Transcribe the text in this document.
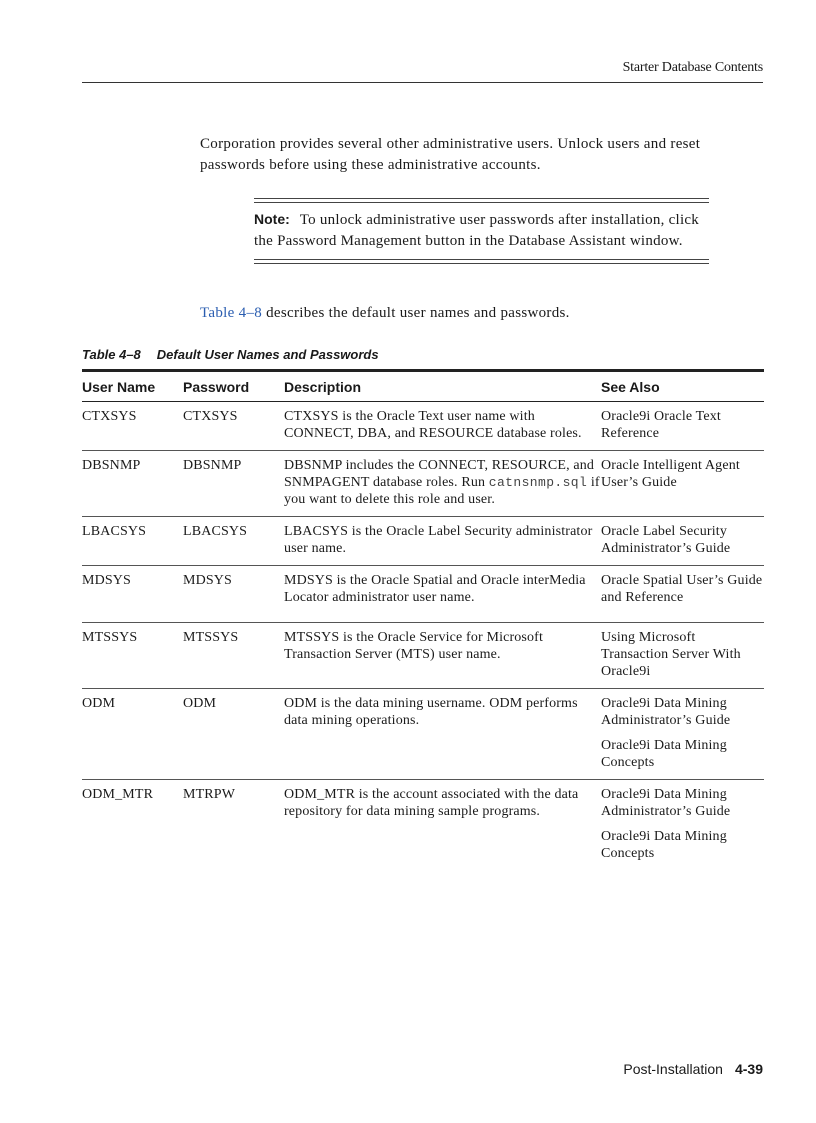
Starter Database Contents

Corporation provides several other administrative users. Unlock users and reset passwords before using these administrative accounts.

Note: To unlock administrative user passwords after installation, click the Password Management button in the Database Assistant window.

Table 4–8 describes the default user names and passwords.

Table 4–8 Default User Names and Passwords

User Name	Password	Description	See Also
CTXSYS	CTXSYS	CTXSYS is the Oracle Text user name with CONNECT, DBA, and RESOURCE database roles.	Oracle9i Oracle Text Reference

DBSNMP	DBSNMP	DBSNMP includes the CONNECT, RESOURCE, and SNMPAGENT database roles. Run catnsnmp.sql if you want to delete this role and user.	Oracle Intelligent Agent User’s Guide

LBACSYS	LBACSYS	LBACSYS is the Oracle Label Security administrator user name.	Oracle Label Security Administrator’s Guide

MDSYS	MDSYS	MDSYS is the Oracle Spatial and Oracle interMedia Locator administrator user name.	Oracle Spatial User’s Guide and Reference

MTSSYS	MTSSYS	MTSSYS is the Oracle Service for Microsoft Transaction Server (MTS) user name.	Using Microsoft Transaction Server With Oracle9i

ODM	ODM	ODM is the data mining username. ODM performs data mining operations.	Oracle9i Data Mining Administrator’s Guide
Oracle9i Data Mining Concepts

ODM_MTR	MTRPW	ODM_MTR is the account associated with the data repository for data mining sample programs.	Oracle9i Data Mining Administrator’s Guide
Oracle9i Data Mining Concepts
Post-Installation 4-39
